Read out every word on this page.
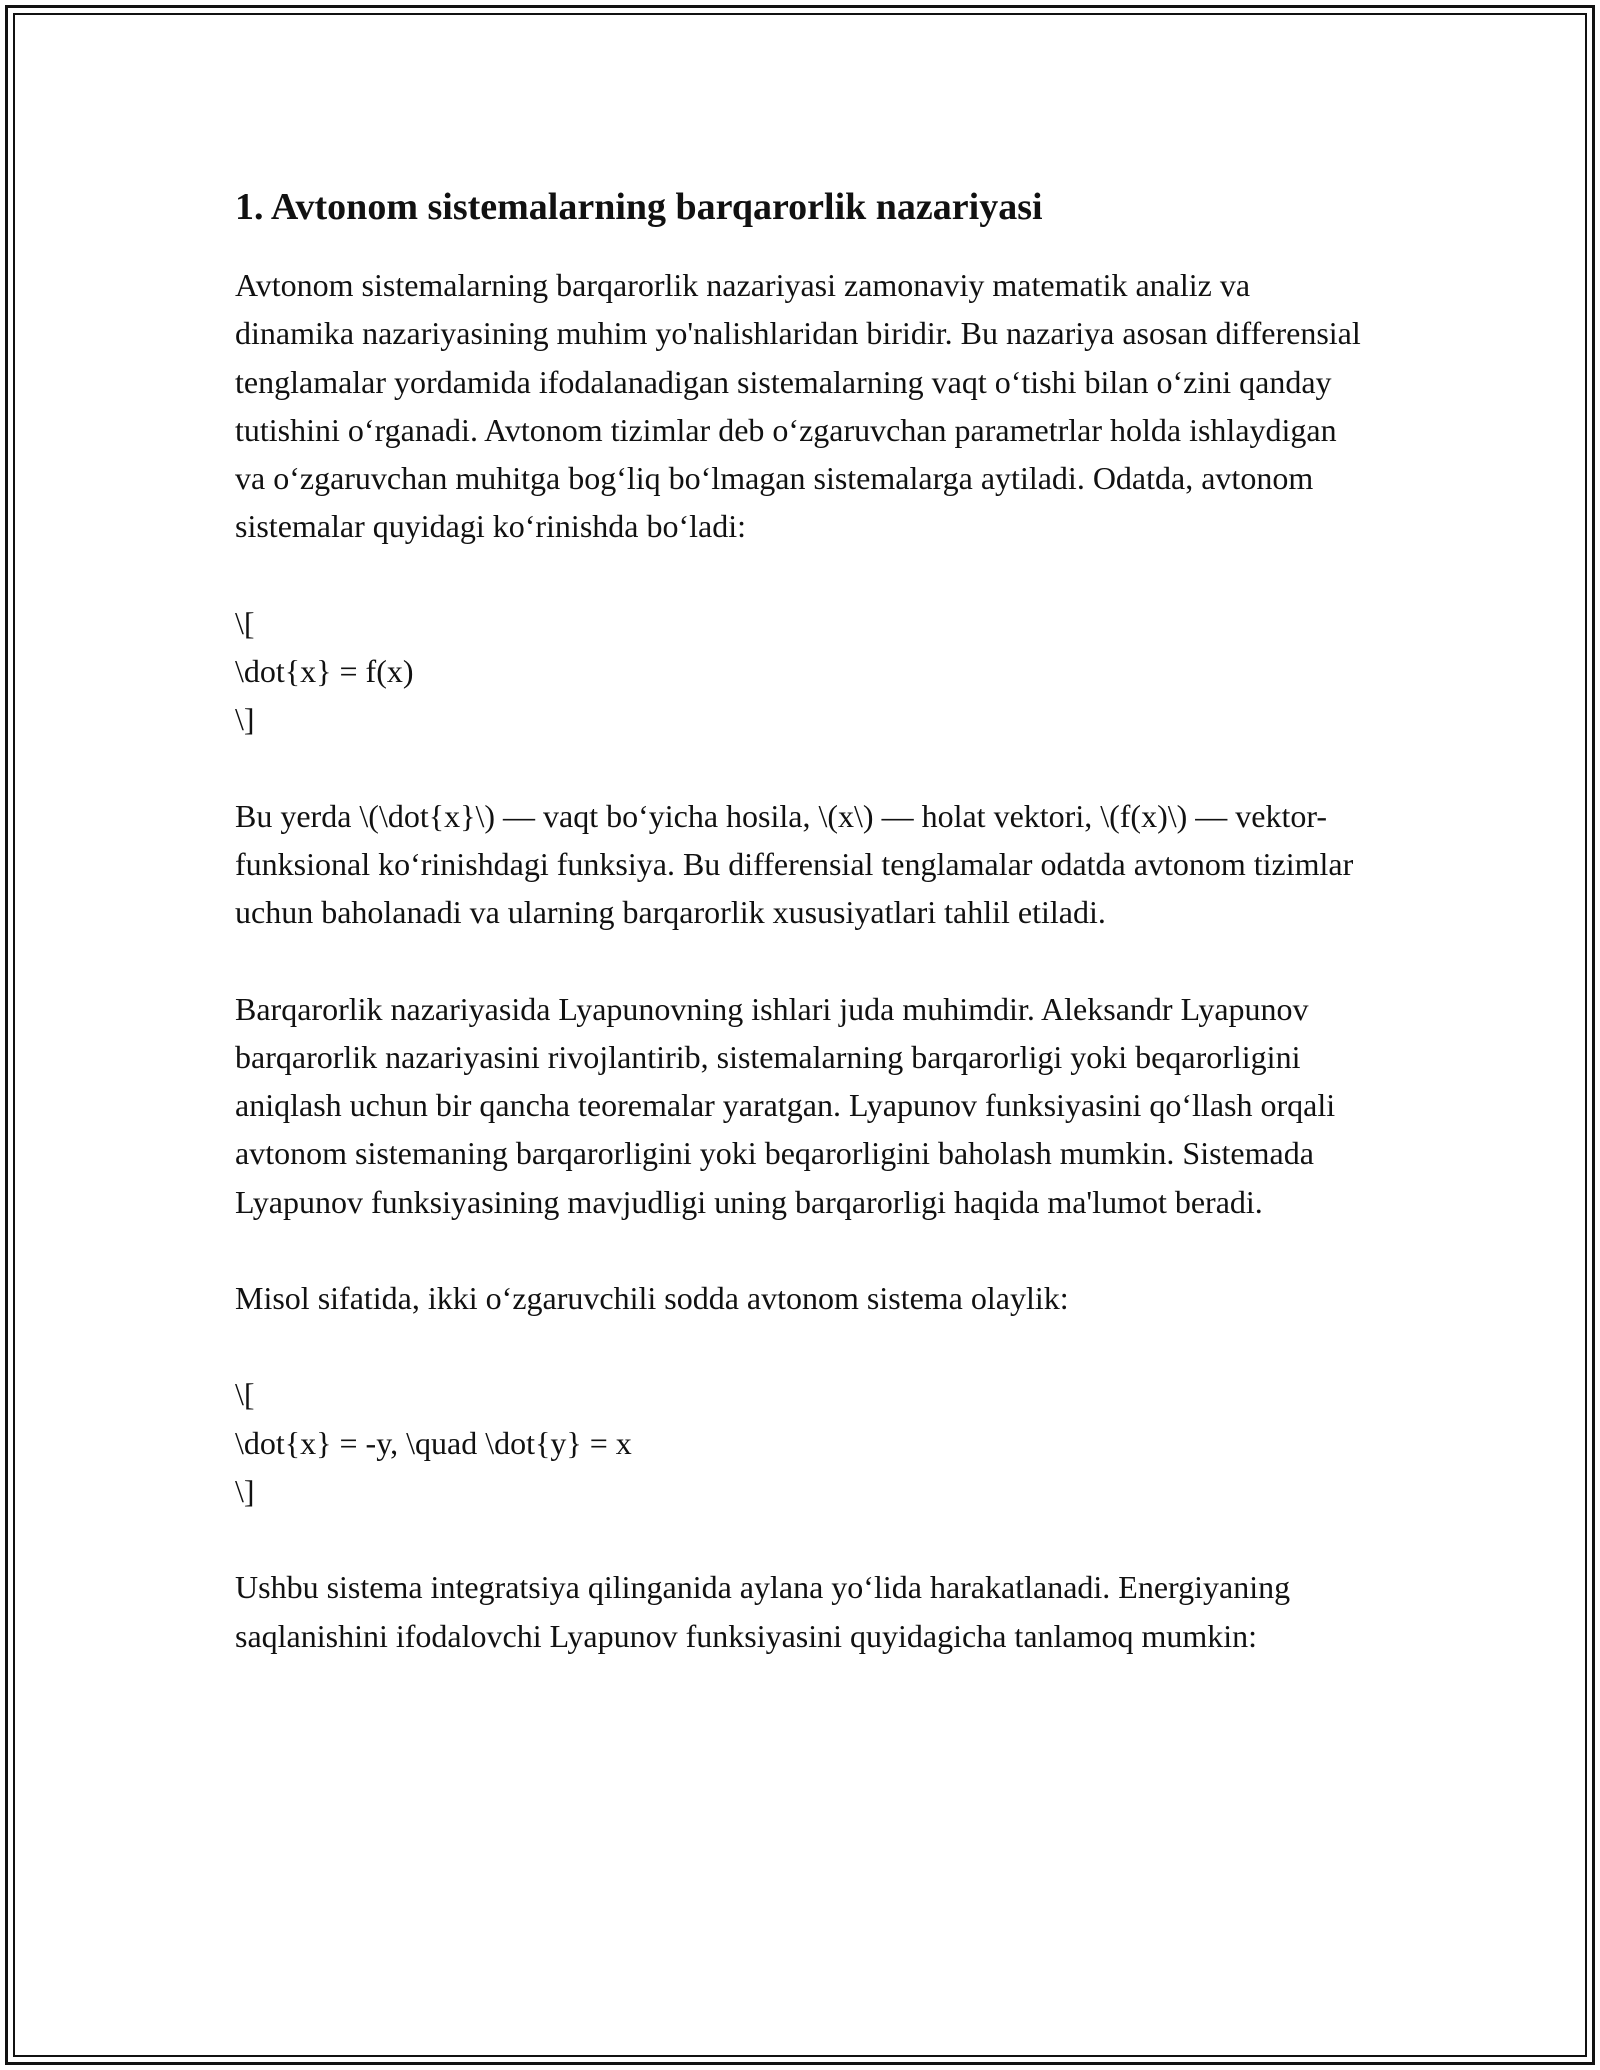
1. Avtonom sistemalarning barqarorlik nazariyasi

Avtonom sistemalarning barqarorlik nazariyasi zamonaviy matematik analiz va dinamika nazariyasining muhim yo'nalishlaridan biridir. Bu nazariya asosan differensial tenglamalar yordamida ifodalanadigan sistemalarning vaqt o‘tishi bilan o‘zini qanday tutishini o‘rganadi. Avtonom tizimlar deb o‘zgaruvchan parametrlar holda ishlaydigan va o‘zgaruvchan muhitga bog‘liq bo‘lmagan sistemalarga aytiladi. Odatda, avtonom sistemalar quyidagi ko‘rinishda bo‘ladi:

\[
\dot{x} = f(x)
\]

Bu yerda \(\dot{x}\) — vaqt bo‘yicha hosila, \(x\) — holat vektori, \(f(x)\) — vektor-funksional ko‘rinishdagi funksiya. Bu differensial tenglamalar odatda avtonom tizimlar uchun baholanadi va ularning barqarorlik xususiyatlari tahlil etiladi.

Barqarorlik nazariyasida Lyapunovning ishlari juda muhimdir. Aleksandr Lyapunov barqarorlik nazariyasini rivojlantirib, sistemalarning barqarorligi yoki beqarorligini aniqlash uchun bir qancha teoremalar yaratgan. Lyapunov funksiyasini qo‘llash orqali avtonom sistemaning barqarorligini yoki beqarorligini baholash mumkin. Sistemada Lyapunov funksiyasining mavjudligi uning barqarorligi haqida ma'lumot beradi.

Misol sifatida, ikki o‘zgaruvchili sodda avtonom sistema olaylik:

\[
\dot{x} = -y, \quad \dot{y} = x
\]

Ushbu sistema integratsiya qilinganida aylana yo‘lida harakatlanadi. Energiyaning saqlanishini ifodalovchi Lyapunov funksiyasini quyidagicha tanlamoq mumkin:
